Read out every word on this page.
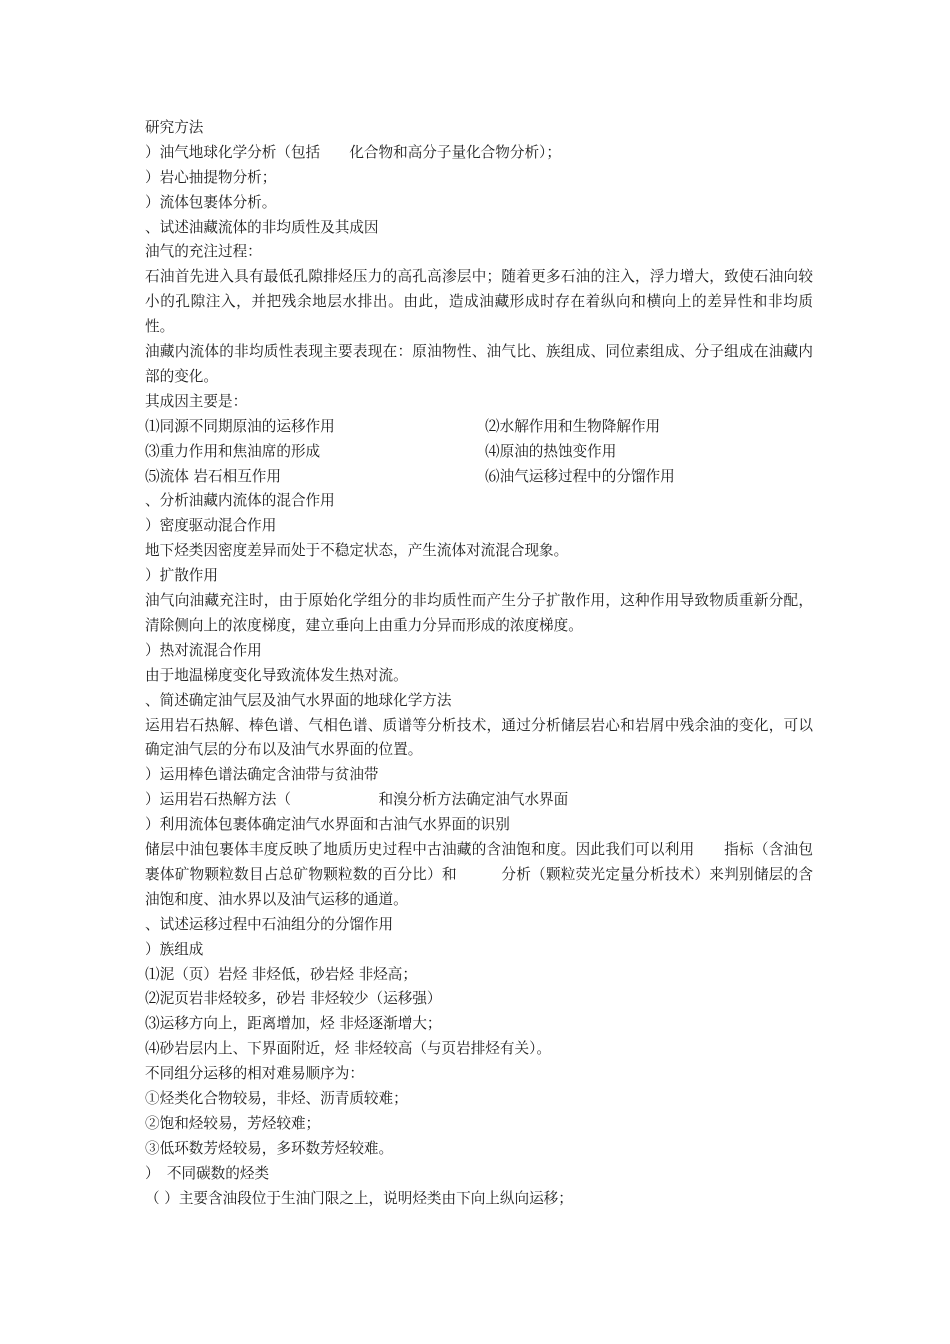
研究方法
）油气地球化学分析（包括　　化合物和高分子量化合物分析）；
）岩心抽提物分析；
）流体包裹体分析。
、试述油藏流体的非均质性及其成因
油气的充注过程：
石油首先进入具有最低孔隙排烃压力的高孔高渗层中；随着更多石油的注入，浮力增大，致使石油向较小的孔隙注入，并把残余地层水排出。由此，造成油藏形成时存在着纵向和横向上的差异性和非均质性。
油藏内流体的非均质性表现主要表现在：原油物性、油气比、族组成、同位素组成、分子组成在油藏内部的变化。
其成因主要是：
⑴同源不同期原油的运移作用	⑵水解作用和生物降解作用
⑶重力作用和焦油席的形成	⑷原油的热蚀变作用
⑸流体 岩石相互作用	⑹油气运移过程中的分馏作用
、分析油藏内流体的混合作用
）密度驱动混合作用
地下烃类因密度差异而处于不稳定状态，产生流体对流混合现象。
）扩散作用
油气向油藏充注时，由于原始化学组分的非均质性而产生分子扩散作用，这种作用导致物质重新分配，清除侧向上的浓度梯度，建立垂向上由重力分异而形成的浓度梯度。
）热对流混合作用
由于地温梯度变化导致流体发生热对流。
、简述确定油气层及油气水界面的地球化学方法
运用岩石热解、棒色谱、气相色谱、质谱等分析技术，通过分析储层岩心和岩屑中残余油的变化，可以确定油气层的分布以及油气水界面的位置。
）运用棒色谱法确定含油带与贫油带
）运用岩石热解方法（　　　　　　和溴分析方法确定油气水界面
）利用流体包裹体确定油气水界面和古油气水界面的识别
储层中油包裹体丰度反映了地质历史过程中古油藏的含油饱和度。因此我们可以利用　　指标（含油包裹体矿物颗粒数目占总矿物颗粒数的百分比）和　　　分析（颗粒荧光定量分析技术）来判别储层的含油饱和度、油水界以及油气运移的通道。
、试述运移过程中石油组分的分馏作用
）族组成
⑴泥（页）岩烃 非烃低，砂岩烃 非烃高；
⑵泥页岩非烃较多，砂岩 非烃较少（运移强）
⑶运移方向上，距离增加，烃 非烃逐渐增大；
⑷砂岩层内上、下界面附近，烃 非烃较高（与页岩排烃有关）。
不同组分运移的相对难易顺序为：
①烃类化合物较易，非烃、沥青质较难；
②饱和烃较易，芳烃较难；
③低环数芳烃较易，多环数芳烃较难。
）　不同碳数的烃类
（ ）主要含油段位于生油门限之上，说明烃类由下向上纵向运移；
